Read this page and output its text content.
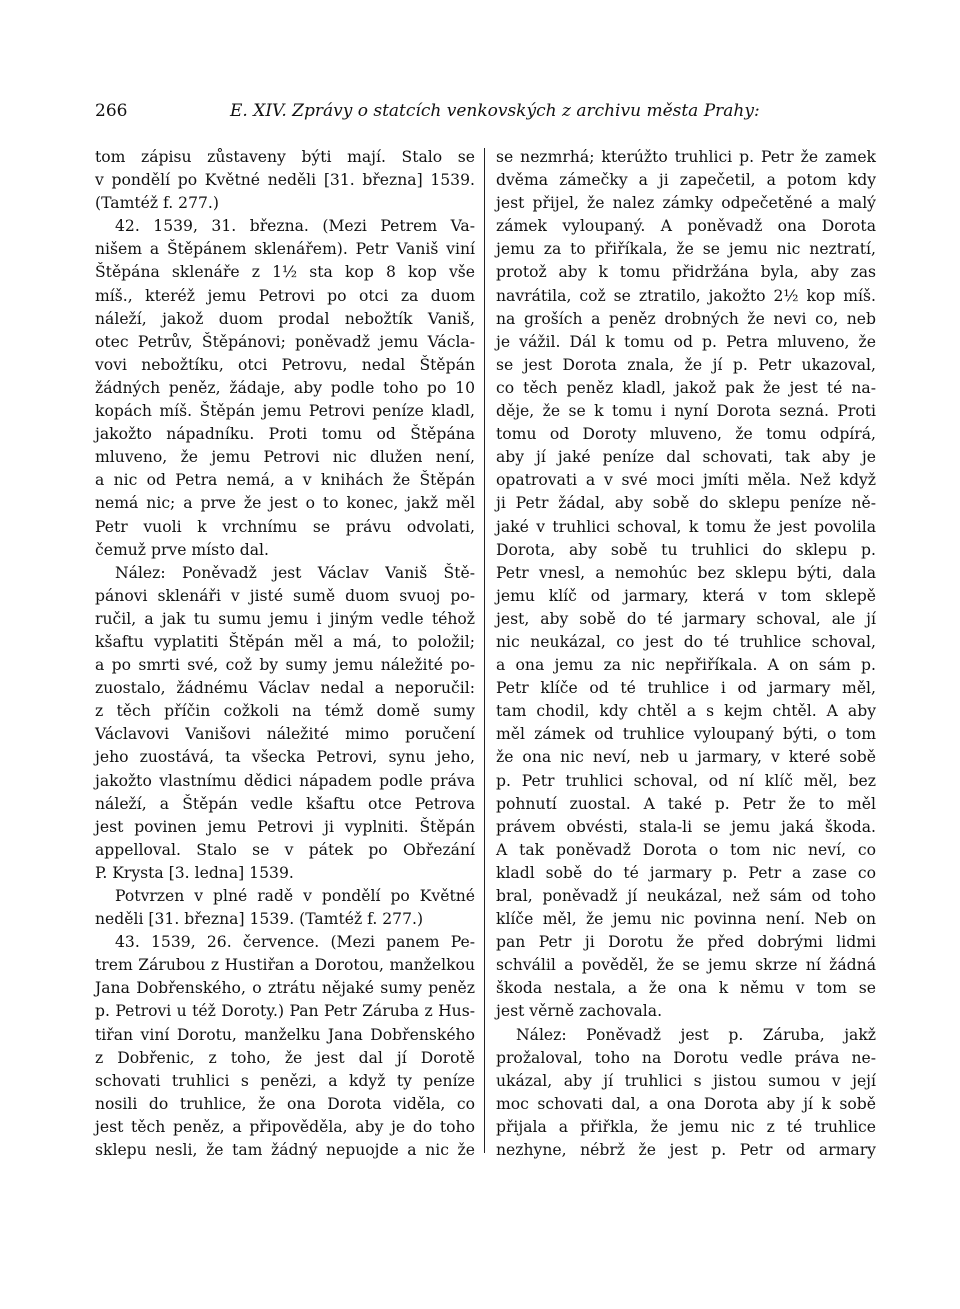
266	E. XIV. Zprávy o statcích venkovských z archivu města Prahy:
tom zápisu zůstaveny býti mají. Stalo se
v pondělí po Květné neděli [31. března] 1539.
(Tamtéž f. 277.)
42. 1539, 31. března. (Mezi Petrem Va-
nišem a Štěpánem sklenářem). Petr Vaniš viní
Štěpána sklenáře z 1½ sta kop 8 kop vše
míš., kteréž jemu Petrovi po otci za duom
náleží, jakož duom prodal nebožtík Vaniš,
otec Petrův, Štěpánovi; poněvadž jemu Václa-
vovi nebožtíku, otci Petrovu, nedal Štěpán
žádných peněz, žádaje, aby podle toho po 10
kopách míš. Štěpán jemu Petrovi peníze kladl,
jakožto nápadníku. Proti tomu od Štěpána
mluveno, že jemu Petrovi nic dlužen není,
a nic od Petra nemá, a v knihách že Štěpán
nemá nic; a prve že jest o to konec, jakž měl
Petr vuoli k vrchnímu se právu odvolati,
čemuž prve místo dal.
Nález: Poněvadž jest Václav Vaniš Ště-
pánovi sklenáři v jisté sumě duom svuoj po-
ručil, a jak tu sumu jemu i jiným vedle téhož
kšaftu vyplatiti Štěpán měl a má, to položil;
a po smrti své, což by sumy jemu náležité po-
zuostalo, žádnému Václav nedal a neporučil:
z těch příčin cožkoli na témž domě sumy
Václavovi Vanišovi náležité mimo poručení
jeho zuostává, ta všecka Petrovi, synu jeho,
jakožto vlastnímu dědici nápadem podle práva
náleží, a Štěpán vedle kšaftu otce Petrova
jest povinen jemu Petrovi ji vyplniti. Štěpán
appelloval. Stalo se v pátek po Obřezání
P. Krysta [3. ledna] 1539.
Potvrzen v plné radě v pondělí po Květné
neděli [31. března] 1539. (Tamtéž f. 277.)
43. 1539, 26. července. (Mezi panem Pe-
trem Zárubou z Hustiřan a Dorotou, manželkou
Jana Dobřenského, o ztrátu nějaké sumy peněz
p. Petrovi u též Doroty.) Pan Petr Záruba z Hus-
tiřan viní Dorotu, manželku Jana Dobřenského
z Dobřenic, z toho, že jest dal jí Dorotě
schovati truhlici s penězi, a když ty peníze
nosili do truhlice, že ona Dorota viděla, co
jest těch peněz, a připověděla, aby je do toho
sklepu nesli, že tam žádný nepuojde a nic že
se nezmrhá; kterúžto truhlici p. Petr že zamek
dvěma zámečky a ji zapečetil, a potom kdy
jest přijel, že nalez zámky odpečetěné a malý
zámek vyloupaný. A poněvadž ona Dorota
jemu za to přiříkala, že se jemu nic neztratí,
protož aby k tomu přidržána byla, aby zas
navrátila, což se ztratilo, jakožto 2½ kop míš.
na groších a peněz drobných že nevi co, neb
je vážil. Dál k tomu od p. Petra mluveno, že
se jest Dorota znala, že jí p. Petr ukazoval,
co těch peněz kladl, jakož pak že jest té na-
děje, že se k tomu i nyní Dorota sezná. Proti
tomu od Doroty mluveno, že tomu odpírá,
aby jí jaké peníze dal schovati, tak aby je
opatrovati a v své moci jmíti měla. Než když
ji Petr žádal, aby sobě do sklepu peníze ně-
jaké v truhlici schoval, k tomu že jest povolila
Dorota, aby sobě tu truhlici do sklepu p.
Petr vnesl, a nemohúc bez sklepu býti, dala
jemu klíč od jarmary, která v tom sklepě
jest, aby sobě do té jarmary schoval, ale jí
nic neukázal, co jest do té truhlice schoval,
a ona jemu za nic nepřiříkala. A on sám p.
Petr klíče od té truhlice i od jarmary měl,
tam chodil, kdy chtěl a s kejm chtěl. A aby
měl zámek od truhlice vyloupaný býti, o tom
že ona nic neví, neb u jarmary, v které sobě
p. Petr truhlici schoval, od ní klíč měl, bez
pohnutí zuostal. A také p. Petr že to měl
právem obvésti, stala-li se jemu jaká škoda.
A tak poněvadž Dorota o tom nic neví, co
kladl sobě do té jarmary p. Petr a zase co
bral, poněvadž jí neukázal, než sám od toho
klíče měl, že jemu nic povinna není. Neb on
pan Petr ji Dorotu že před dobrými lidmi
schválil a pověděl, že se jemu skrze ní žádná
škoda nestala, a že ona k němu v tom se
jest věrně zachovala.
Nález: Poněvadž jest p. Záruba, jakž
prožaloval, toho na Dorotu vedle práva ne-
ukázal, aby jí truhlici s jistou sumou v její
moc schovati dal, a ona Dorota aby jí k sobě
přijala a přiřkla, že jemu nic z té truhlice
nezhyne, nébrž že jest p. Petr od armary
